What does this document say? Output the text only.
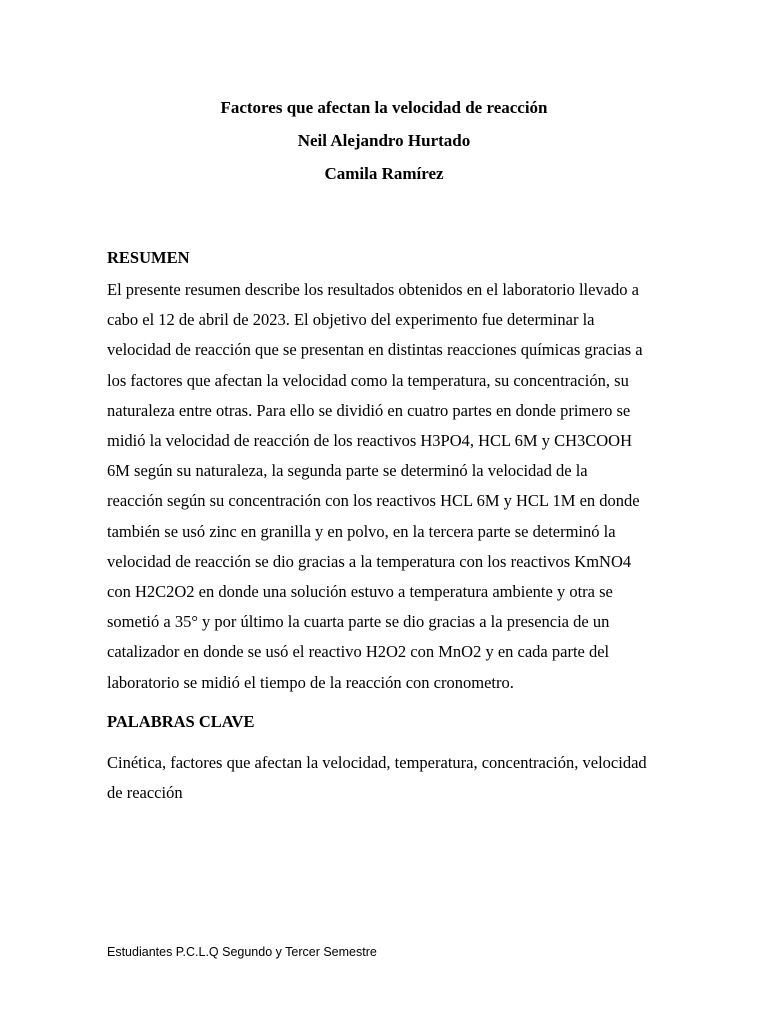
Factores que afectan la velocidad de reacción
Neil Alejandro Hurtado
Camila Ramírez
RESUMEN
El presente resumen describe los resultados obtenidos en el laboratorio llevado a
cabo el 12 de abril de 2023. El objetivo del experimento fue determinar la
velocidad de reacción que se presentan en distintas reacciones químicas gracias a
los factores que afectan la velocidad como la temperatura, su concentración, su
naturaleza entre otras. Para ello se dividió en cuatro partes en donde primero se
midió la velocidad de reacción de los reactivos H3PO4, HCL 6M y CH3COOH
6M según su naturaleza, la segunda parte se determinó la velocidad de la
reacción según su concentración con los reactivos HCL 6M y HCL 1M en donde
también se usó zinc en granilla y en polvo, en la tercera parte se determinó la
velocidad de reacción se dio gracias a la temperatura con los reactivos KmNO4
con H2C2O2 en donde una solución estuvo a temperatura ambiente y otra se
sometió a 35° y por último la cuarta parte se dio gracias a la presencia de un
catalizador en donde se usó el reactivo H2O2 con MnO2 y en cada parte del
laboratorio se midió el tiempo de la reacción con cronometro.
PALABRAS CLAVE
Cinética, factores que afectan la velocidad, temperatura, concentración, velocidad
de reacción
Estudiantes P.C.L.Q Segundo y Tercer Semestre
